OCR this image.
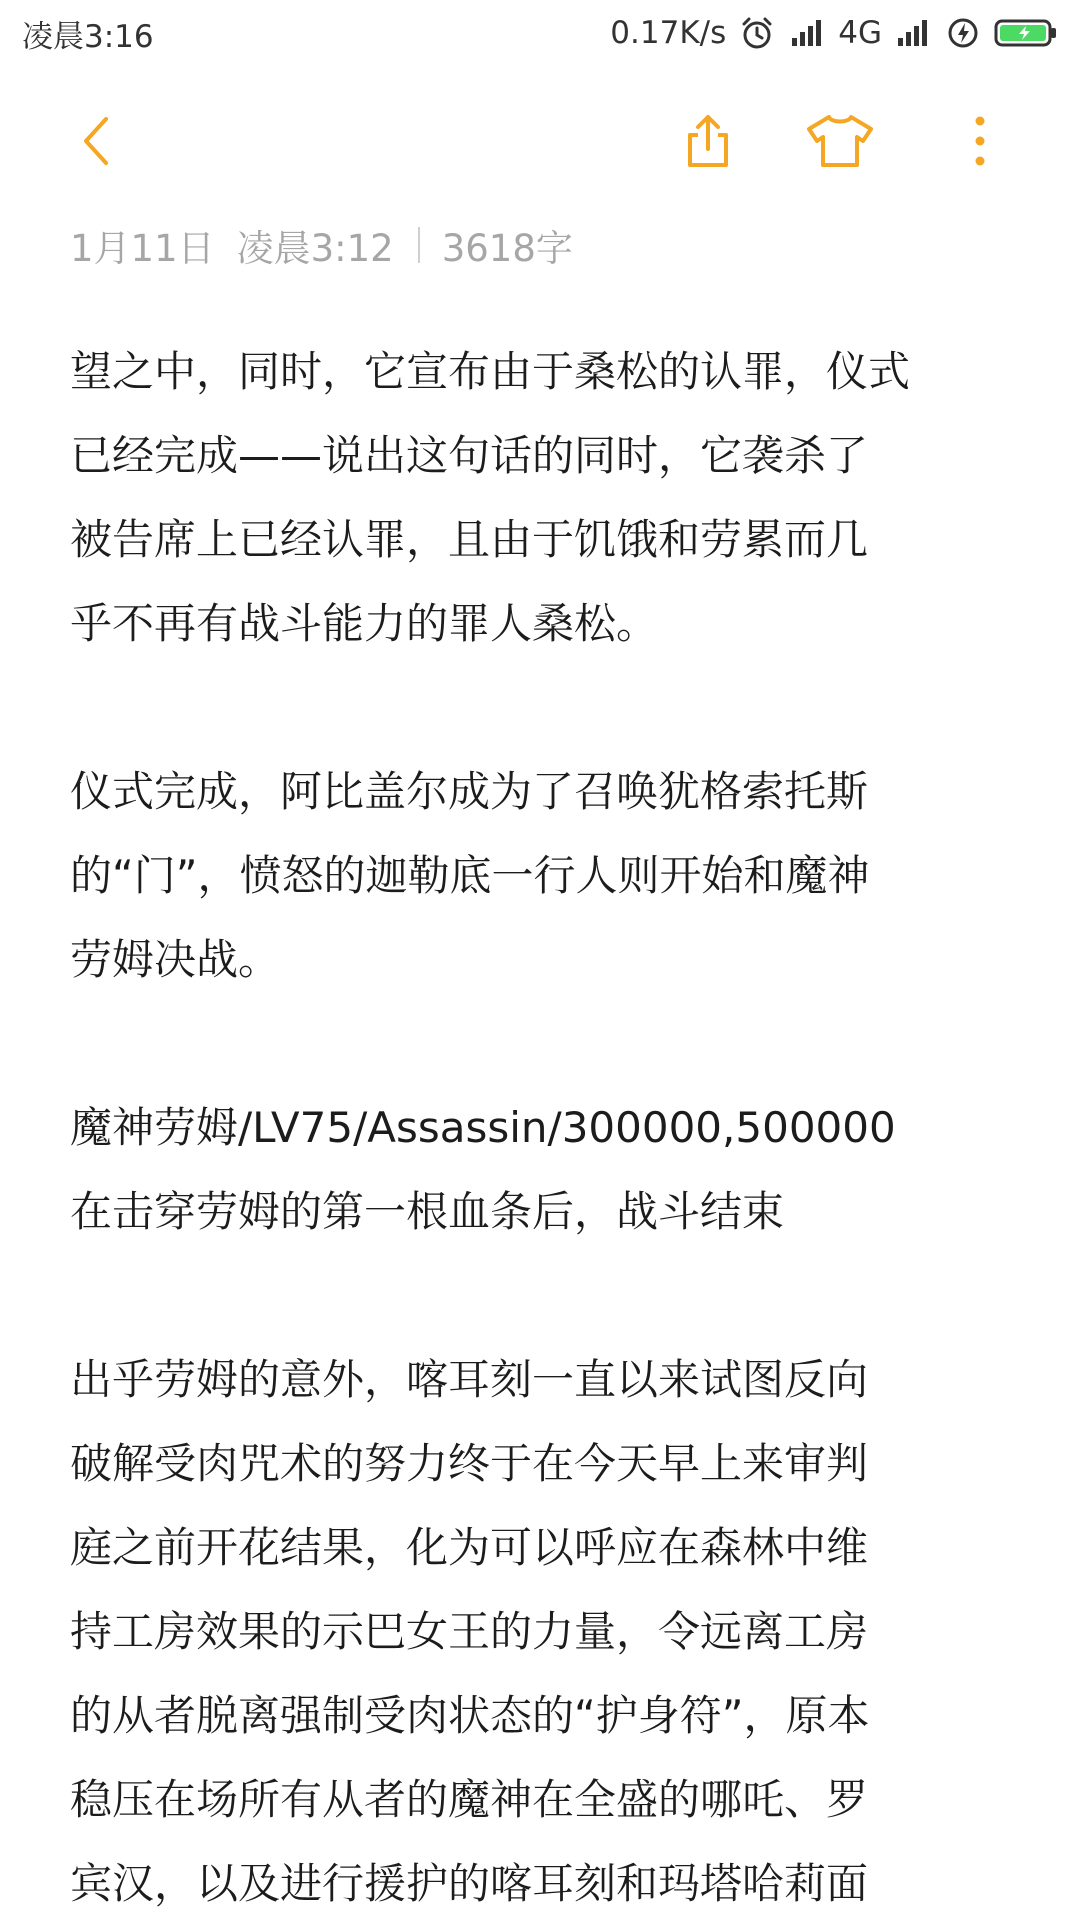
凌晨3:16	0.17K/s	4G
1月11日 凌晨3:12 3618字

望之中，同时，它宣布由于桑松的认罪，仪式
已经完成——说出这句话的同时，它袭杀了
被告席上已经认罪，且由于饥饿和劳累而几
乎不再有战斗能力的罪人桑松。

仪式完成，阿比盖尔成为了召唤犹格索托斯
的“门”，愤怒的迦勒底一行人则开始和魔神
劳姆决战。

魔神劳姆/LV75/Assassin/300000,500000
在击穿劳姆的第一根血条后，战斗结束

出乎劳姆的意外，喀耳刻一直以来试图反向
破解受肉咒术的努力终于在今天早上来审判
庭之前开花结果，化为可以呼应在森林中维
持工房效果的示巴女王的力量，令远离工房
的从者脱离强制受肉状态的“护身符”，原本
稳压在场所有从者的魔神在全盛的哪吒、罗
宾汉，以及进行援护的喀耳刻和玛塔哈莉面
